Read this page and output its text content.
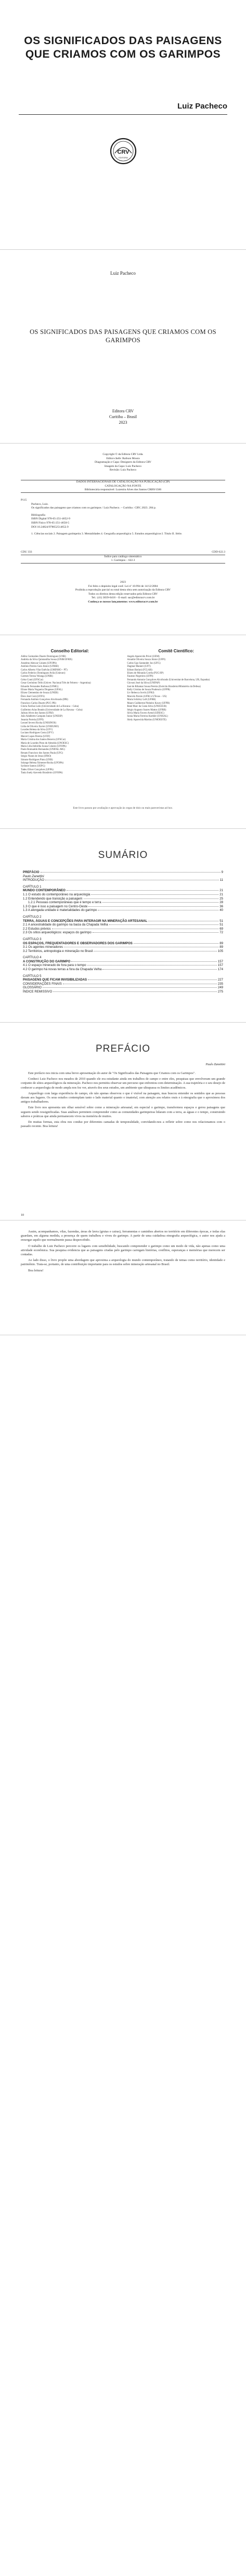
OS SIGNIFICADOS DAS PAISAGENS QUE CRIAMOS COM OS GARIMPOS
Luiz Pacheco
CRV
EDITORA
Luiz Pacheco
OS SIGNIFICADOS DAS PAISAGENS QUE CRIAMOS COM OS GARIMPOS
Editora CRV
Curitiba – Brasil
2023
Copyright © da Editora CRV Ltda.
Editor-chefe: Railson Moura
Diagramação e Capa: Designers da Editora CRV
Imagem da Capa: Luiz Pacheco
Revisão: Luiz Pacheco
DADOS INTERNACIONAIS DE CATALOGAÇÃO NA PUBLICAÇÃO (CIP)
CATALOGAÇÃO NA FONTE
Bibliotecária responsável: Luzenira Alves dos Santos CRB9/1506
P115
Pacheco, Luiz.
Os significados das paisagens que criamos com os garimpos / Luiz Pacheco. – Curitiba : CRV, 2023. 284 p.
Bibliografia
ISBN Digital 978-65-251-4652-9
ISBN Físico 978-65-251-4650-5
DOI 10.24824/978652514652.9
1. Ciências sociais 2. Paisagem garimpeira 3. Mentalidades 4. Geografia arqueológica 5. Estudos arqueológicos I. Título II. Série.
CDU 333	CDD 622.3
Índice para catálogo sistemático
1. Garimpos – 622.3
2023
Foi feito o depósito legal conf. Lei nº 10.994 de 14/12/2004
Proibida a reprodução parcial ou total desta obra sem autorização da Editora CRV
Todos os direitos desta edição reservados pela Editora CRV
Tel.: (41) 3039-6418 – E-mail: sac@editoracrv.com.br
Conheça os nossos lançamentos: www.editoracrv.com.br
Conselho Editorial:
Aldira Guimarães Duarte Domínguez (UNB)
Andréia da Silva Quintanilha Sousa (UNIR/UFRN)
Anselmo Alencar Colares (UFOPA)
Antônio Pereira Gaio Júnior (UFRRJ)
Carlos Alberto Vilar Estêvão (UMINHO – PT)
Carlos Federico Domínguez Avila (Unieuro)
Carmen Tereza Velanga (UNIR)
Celso Conti (UFSCar)
Cesar Gerónimo Tello (Univer. Nacional Três de Febrero – Argentina)
Eduardo Fernandes Barbosa (UFMG)
Elione Maria Nogueira Diogenes (UFAL)
Elizeu Clementino de Souza (UNEB)
Élsio José Corá (UFFS)
Fernando Antônio Gonçalves Alcoforado (IPB)
Francisco Carlos Duarte (PUC-PR)
Gloria Fariñas León (Universidade de La Havana – Cuba)
Guillermo Arias Beatón (Universidade de La Havana – Cuba)
Jailson Alves dos Santos (UFRJ)
João Adalberto Campato Junior (UNESP)
Josania Portela (UFPI)
Leonel Severo Rocha (UNISINOS)
Lídia de Oliveira Xavier (UNIEURO)
Lourdes Helena da Silva (UFV)
Luciano Rodrigues Costa (UFV)
Marcel Lopes Pereira (UFJF)
Maria Cristina dos Santos Bezerra (UFSCar)
Maria de Lourdes Pinto de Almeida (UNOESC)
Maria Lília Imbiriba Sousa Colares (UFOPA)
Paulo Romualdo Hernandes (UNIFAL-MG)
Renato Francisco dos Santos Paula (UFG)
Sérgio Nunes de Jesus (IFRO)
Simone Rodrigues Pinto (UNB)
Solange Helena Ximenes-Rocha (UFOPA)
Sydione Santos (UEPG)
Tadeu Oliver Gonçalves (UFPA)
Tania Suely Azevedo Brasileiro (UFOPA)
Comitê Científico:
Angelo Aparecido Priori (UEM)
Arnaldo Oliveira Souza Júnior (UFPI)
Carlos Ugo Santander Joo (UFG)
Dagmar Manieri (UFT)
Edison Bariani (FCLAR)
Elizeu de Miranda Corrêa (PUC/SP)
Fauston Negreiros (UFPI)
Fernando Antonio Gonçalves Alcoforado (Universitat de Barcelona, UB, Espanha)
Giovani José da Silva (UNIFAP)
José de Ribamar Sousa Pereira (Exército Brasileiro/Ministério da Defesa)
Kelly Cristina de Souza Prudencio (UFPR)
Liv Rebecca Sovik (UFRJ)
Marcelo Paixão (UFRJ e UTexas – US)
Maria Schirley Luft (UFRR)
Mauro Guilherme Pinheiro Koury (UFPB)
René Marc da Costa Silva (UNICEUB)
Sérgio Augusto Soares Mattos (UFRB)
Silvia Maria Favero Arend (UDESC)
Sonia Maria Ferreira Koehler (UNISAL)
Süely Aparecida Martins (UNIOESTE)
Este livro passou por avaliação e aprovação às cegas de dois ou mais pareceristas ad hoc.
SUMÁRIO
PREFÁCIO	9
Paulo Zanettini
INTRODUÇÃO	11
CAPÍTULO 1
MUNDO CONTEMPORÂNEO	21
1.1 O estudo do contemporâneo na arqueologia	21
1.2 Entendendo que transição a paisagem	25
1.2.1 Pessoas contemporâneas que é tempo e terra	28
1.3 O que é isso a paisagem no Centro-Oeste	36
1.3 A alongada unidade e materialidades do garimpo	40
CAPÍTULO 2
TERRA, ÁGUAS E CONCEPÇÕES PARA INTERAGIR NA MINERAÇÃO ARTESANAL	51
2.1 A ancestralidade do garimpo na bacia da Chapada Velha	51
2.2 Estudos prévios	69
2.3 Os sítios arqueológicos: espaços do garimpo	72
CAPÍTULO 3
OS ESPAÇOS, FREQUENTADORES E OBSERVADORES DOS GARIMPOS	89
3.1 Os agentes mineradores	89
3.2 Territórios, antropologia e mineração no Brasil	105
CAPÍTULO 4
A CONSTRUÇÃO DO GARIMPO	157
4.1 O espaço minerado de fora para o tempo	157
4.2 O garimpo há novas terras a fora da Chapada Velha	174
CAPÍTULO 5
PAISAGENS QUE FICAM INVISIBILIZADAS	227
CONSIDERAÇÕES FINAIS	235
GLOSSÁRIO	249
ÍNDICE REMISSIVO	275
PREFÁCIO
Paulo Zanettini

Este prefácio nos inicia com uma breve apresentação do autor de "Os Significados das Paisagens que Criamos com os Garimpos".

Conheci Luiz Pacheco nos meados de 2010 quando ele era estudante ainda em trabalhos de campo e entre eles, pesquisas que envolveram um grande conjunto de sítios arqueológicos da mineração. Pacheco nos permitiu observar um percurso que enfrentou com determinação. A sua trajetória e o seu desejo de conhecer a arqueologia de modo ampla nos fez ver, através dos seus estudos, um ambiente que ultrapassa os limites acadêmicos.

Arqueólogo com larga experiência de campo, ele não apenas observou o que é visível na paisagem, mas buscou entender os sentidos que as pessoas davam aos lugares. Os seus estudos contemplam tanto o lado material quanto o imaterial, com atenção aos relatos orais e à etnografia que o aproximou dos antigos trabalhadores.

Este livro nos apresenta um olhar sensível sobre como a mineração artesanal, em especial o garimpo, transformou espaços e gerou paisagens que seguem sendo ressignificadas. Suas análises permitem compreender como as comunidades garimpeiras lidaram com a terra, as águas e o tempo, construindo saberes e práticas que ainda permanecem vivos na memória de muitos.

De muitas formas, esta obra nos conduz por diferentes camadas de temporalidade, convidando-nos a refletir sobre como nos relacionamos com o passado recente. Boa leitura!

10

Assim, acompanhamos, vilas, fazendas, áreas de lavra (grutas e catras), ferramentas e caminhos abertos no território em diferentes épocas, e todas elas guardam, em alguma medida, a presença de quem trabalhou e viveu do garimpo. A partir de uma cuidadosa etnografia arqueológica, o autor nos ajuda a enxergar aquilo que normalmente passa despercebido.

O trabalho de Luiz Pacheco percorre os lugares com sensibilidade, buscando compreender o garimpo como um modo de vida, não apenas como uma atividade econômica. Sua pesquisa evidencia que as paisagens criadas pelo garimpo carregam histórias, conflitos, esperanças e memórias que merecem ser contadas.

Ao lado disso, o livro propõe uma abordagem que aproxima a arqueologia do mundo contemporâneo, tratando de temas como território, identidade e patrimônio. Trata-se, portanto, de uma contribuição importante para os estudos sobre mineração artesanal no Brasil.

Boa leitura!
